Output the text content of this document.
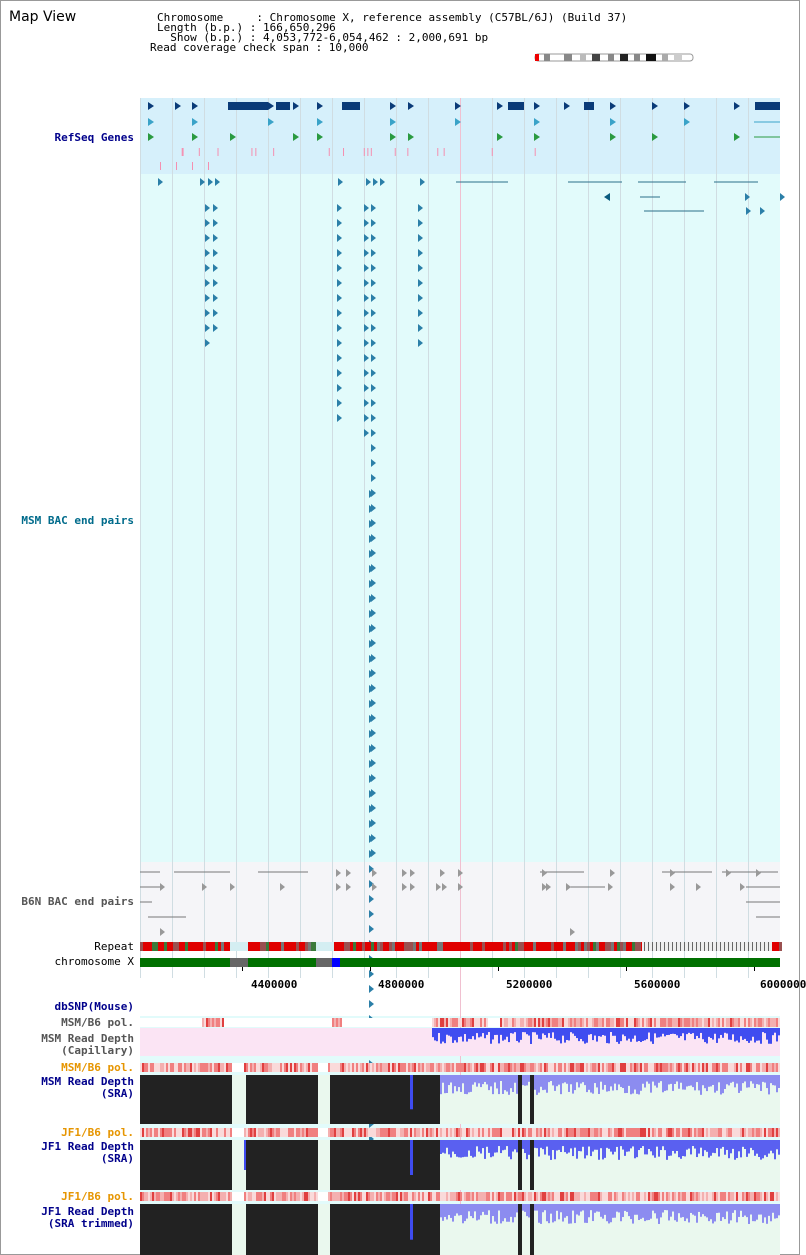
Map View	Chromosome     : Chromosome X, reference assembly (C57BL/6J) (Build 37)
Length (b.p.) : 166,650,296
Show (b.p.) : 4,053,772-6,054,462 : 2,000,691 bp
Read coverage check span : 10,000
RefSeq Genes
MSM BAC end pairs
B6N BAC end pairs
Repeat
chromosome X
dbSNP(Mouse)
MSM/B6 pol.
MSM Read Depth
(Capillary)
MSM/B6 pol.
MSM Read Depth
(SRA)
JF1/B6 pol.
JF1 Read Depth
(SRA)
JF1/B6 pol.
JF1 Read Depth
(SRA trimmed)
4400000	4800000	5200000	5600000	6000000
